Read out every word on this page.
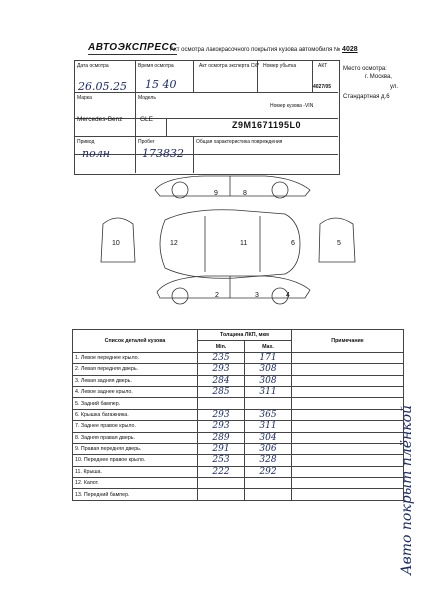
АВТОЭКСПРЕСС
Акт осмотра лакокрасочного покрытия кузова автомобиля № 4028
Дата осмотра	Время осмотра	Акт осмотра эксперта СК* Номер убытка	АКТ
4027/05
Место осмотра:
г. Москва,
ул.
Стандартная д.6
26.05.25 15 40
Марка
Mercedes-Benz
Модель
GLE
Номер кузова -VIN
Z9M1671195L0
Привод
полн
Пробег
173832
Общая характеристика повреждения
8
9
12	11	6	5
10
4
3
2
Список деталей кузова	Толщина ЛКП, мкм		Примечание
	Min.	Max.	
1. Левое переднее крыло.	235	171	
2. Левая передняя дверь.	293	308	
3. Левая задняя дверь.	284	308	
4. Левое заднее крыло.	285	311	
5. Задний бампер.			
6. Крышка багажника.	293	365	
7. Заднее правое крыло.	293	311	
8. Задняя правая дверь.	289	304	
9. Правая передняя дверь.	291	306	
10. Переднее правое крыло.	253	328	
11. Крыша.	222	292	
12. Капот.			
13. Передний бампер.				Авто покрыт плёнкой
